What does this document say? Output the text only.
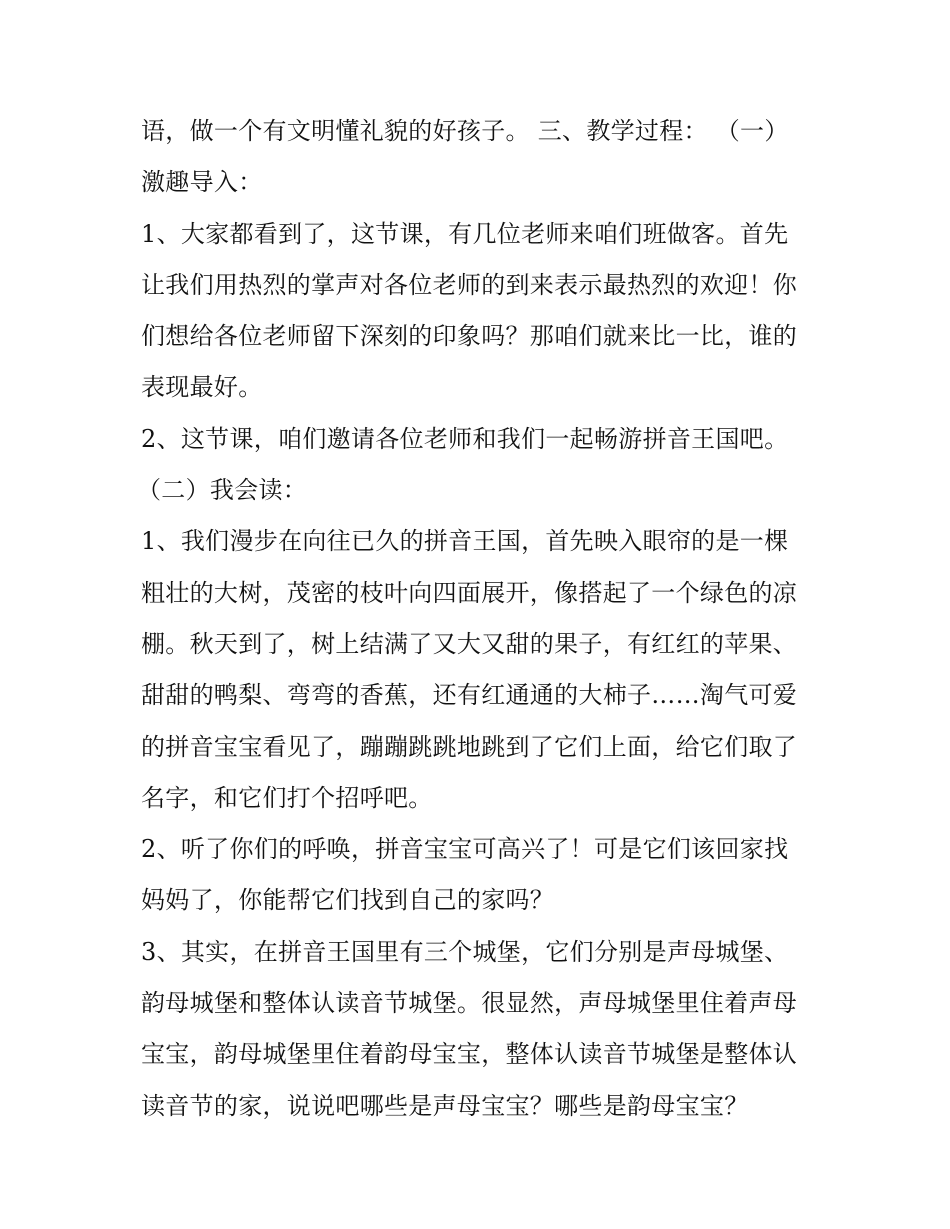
语，做一个有文明懂礼貌的好孩子。 三、教学过程： （一）
激趣导入：
1、大家都看到了，这节课，有几位老师来咱们班做客。首先
让我们用热烈的掌声对各位老师的到来表示最热烈的欢迎！你
们想给各位老师留下深刻的印象吗？那咱们就来比一比，谁的
表现最好。
2、这节课，咱们邀请各位老师和我们一起畅游拼音王国吧。
（二）我会读：
1、我们漫步在向往已久的拼音王国，首先映入眼帘的是一棵
粗壮的大树，茂密的枝叶向四面展开，像搭起了一个绿色的凉
棚。秋天到了，树上结满了又大又甜的果子，有红红的苹果、
甜甜的鸭梨、弯弯的香蕉，还有红通通的大柿子……淘气可爱
的拼音宝宝看见了，蹦蹦跳跳地跳到了它们上面，给它们取了
名字，和它们打个招呼吧。
2、听了你们的呼唤，拼音宝宝可高兴了！可是它们该回家找
妈妈了，你能帮它们找到自己的家吗？
3、其实，在拼音王国里有三个城堡，它们分别是声母城堡、
韵母城堡和整体认读音节城堡。很显然，声母城堡里住着声母
宝宝，韵母城堡里住着韵母宝宝，整体认读音节城堡是整体认
读音节的家，说说吧哪些是声母宝宝？哪些是韵母宝宝？
